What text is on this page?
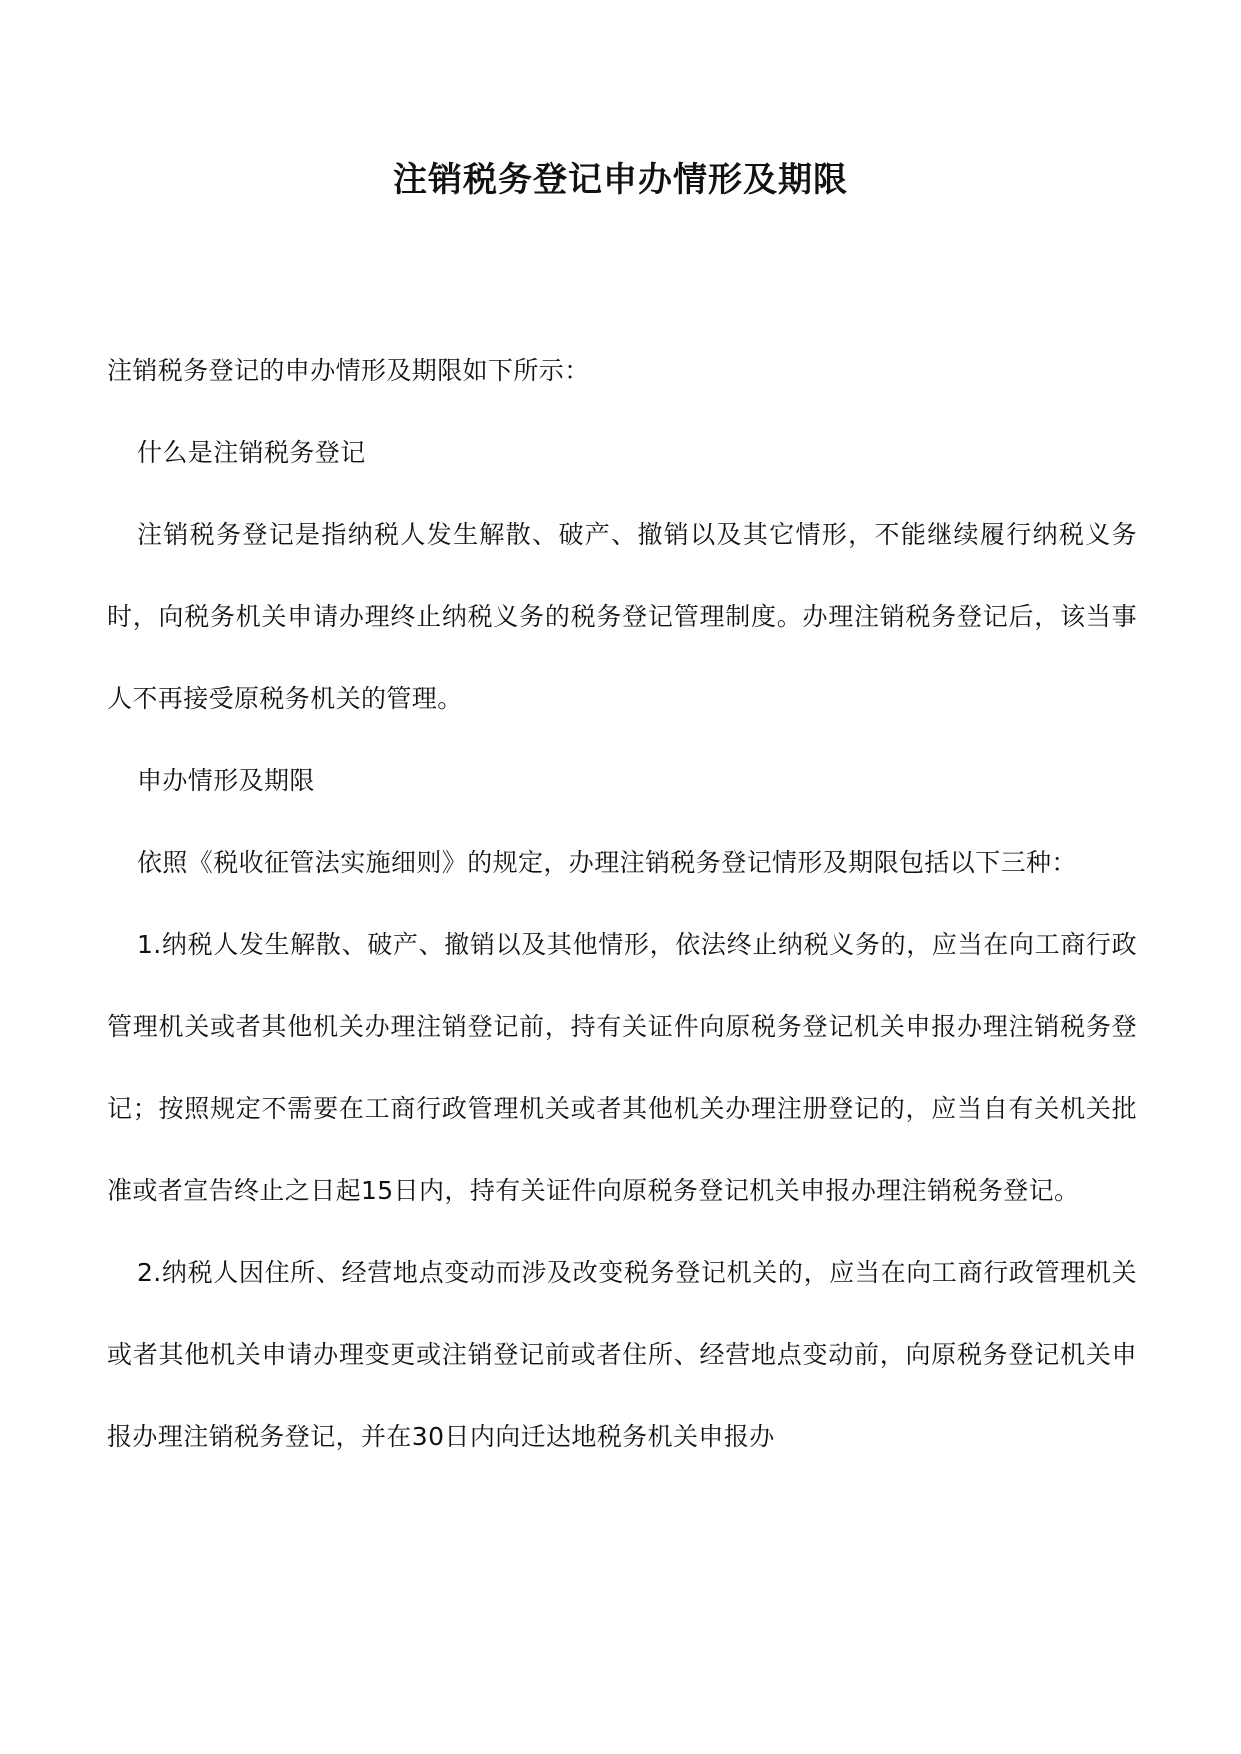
注销税务登记申办情形及期限

注销税务登记的申办情形及期限如下所示：

什么是注销税务登记

注销税务登记是指纳税人发生解散、破产、撤销以及其它情形，不能继续履行纳税义务时，向税务机关申请办理终止纳税义务的税务登记管理制度。办理注销税务登记后，该当事人不再接受原税务机关的管理。

申办情形及期限

依照《税收征管法实施细则》的规定，办理注销税务登记情形及期限包括以下三种：

1.纳税人发生解散、破产、撤销以及其他情形，依法终止纳税义务的，应当在向工商行政管理机关或者其他机关办理注销登记前，持有关证件向原税务登记机关申报办理注销税务登记；按照规定不需要在工商行政管理机关或者其他机关办理注册登记的，应当自有关机关批准或者宣告终止之日起15日内，持有关证件向原税务登记机关申报办理注销税务登记。

2.纳税人因住所、经营地点变动而涉及改变税务登记机关的，应当在向工商行政管理机关或者其他机关申请办理变更或注销登记前或者住所、经营地点变动前，向原税务登记机关申报办理注销税务登记，并在30日内向迁达地税务机关申报办
